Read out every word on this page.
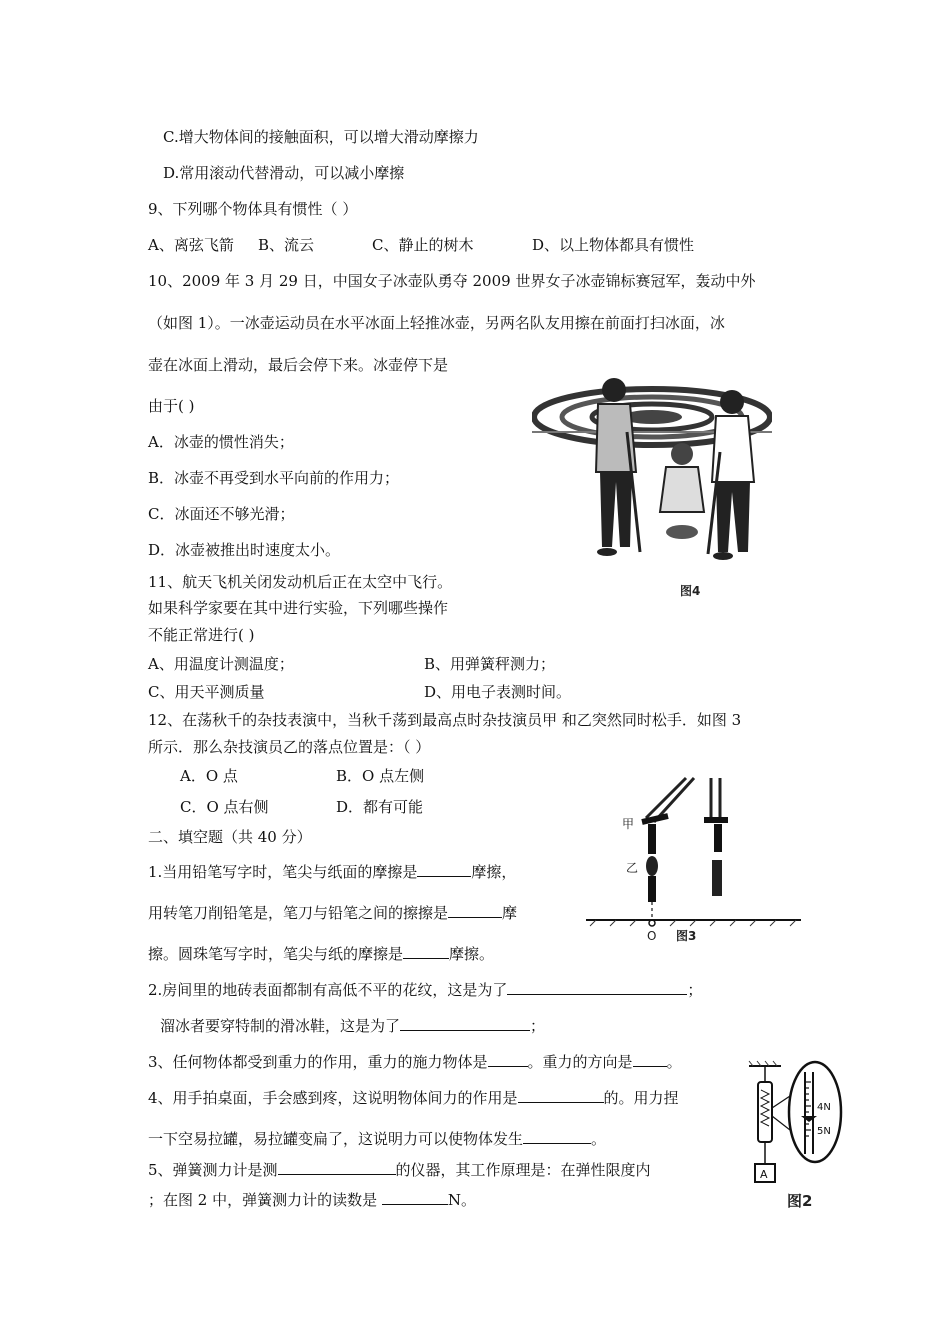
C.增大物体间的接触面积，可以增大滑动摩擦力
D.常用滚动代替滑动，可以减小摩擦
9、下列哪个物体具有惯性（ ）
A、离弦飞箭 B、流云	C、静止的树木	D、以上物体都具有惯性
10、2009 年 3 月 29 日，中国女子冰壶队勇夺 2009 世界女子冰壶锦标赛冠军，轰动中外
（如图 1）。一冰壶运动员在水平冰面上轻推冰壶，另两名队友用擦在前面打扫冰面，冰
壶在冰面上滑动，最后会停下来。冰壶停下是
由于( )
A．冰壶的惯性消失；
B．冰壶不再受到水平向前的作用力；
C．冰面还不够光滑；
D．冰壶被推出时速度太小。
图4
11、航天飞机关闭发动机后正在太空中飞行。
如果科学家要在其中进行实验，下列哪些操作
不能正常进行( )
A、用温度计测温度；	B、用弹簧秤测力；
C、用天平测质量	D、用电子表测时间。
12、在荡秋千的杂技表演中，当秋千荡到最高点时杂技演员甲 和乙突然同时松手．如图 3
所示．那么杂技演员乙的落点位置是：（ ）
A．O 点	B．O 点左侧
C．O 点右侧	D．都有可能
甲
乙
O 图3
二、填空题（共 40 分）
1.当用铅笔写字时，笔尖与纸面的摩擦是	摩擦，
用转笔刀削铅笔是，笔刀与铅笔之间的擦擦是	摩
擦。圆珠笔写字时，笔尖与纸的摩擦是	摩擦。
2.房间里的地砖表面都制有高低不平的花纹，这是为了	；
溜冰者要穿特制的滑冰鞋，这是为了	；
3、任何物体都受到重力的作用，重力的施力物体是	。重力的方向是 。
4、用手拍桌面，手会感到疼，这说明物体间力的作用是	的。用力捏
一下空易拉罐，易拉罐变扁了，这说明力可以使物体发生	。
5、弹簧测力计是测	的仪器，其工作原理是：在弹性限度内
；在图 2 中，弹簧测力计的读数是	N。
A
4N
5N
图2
